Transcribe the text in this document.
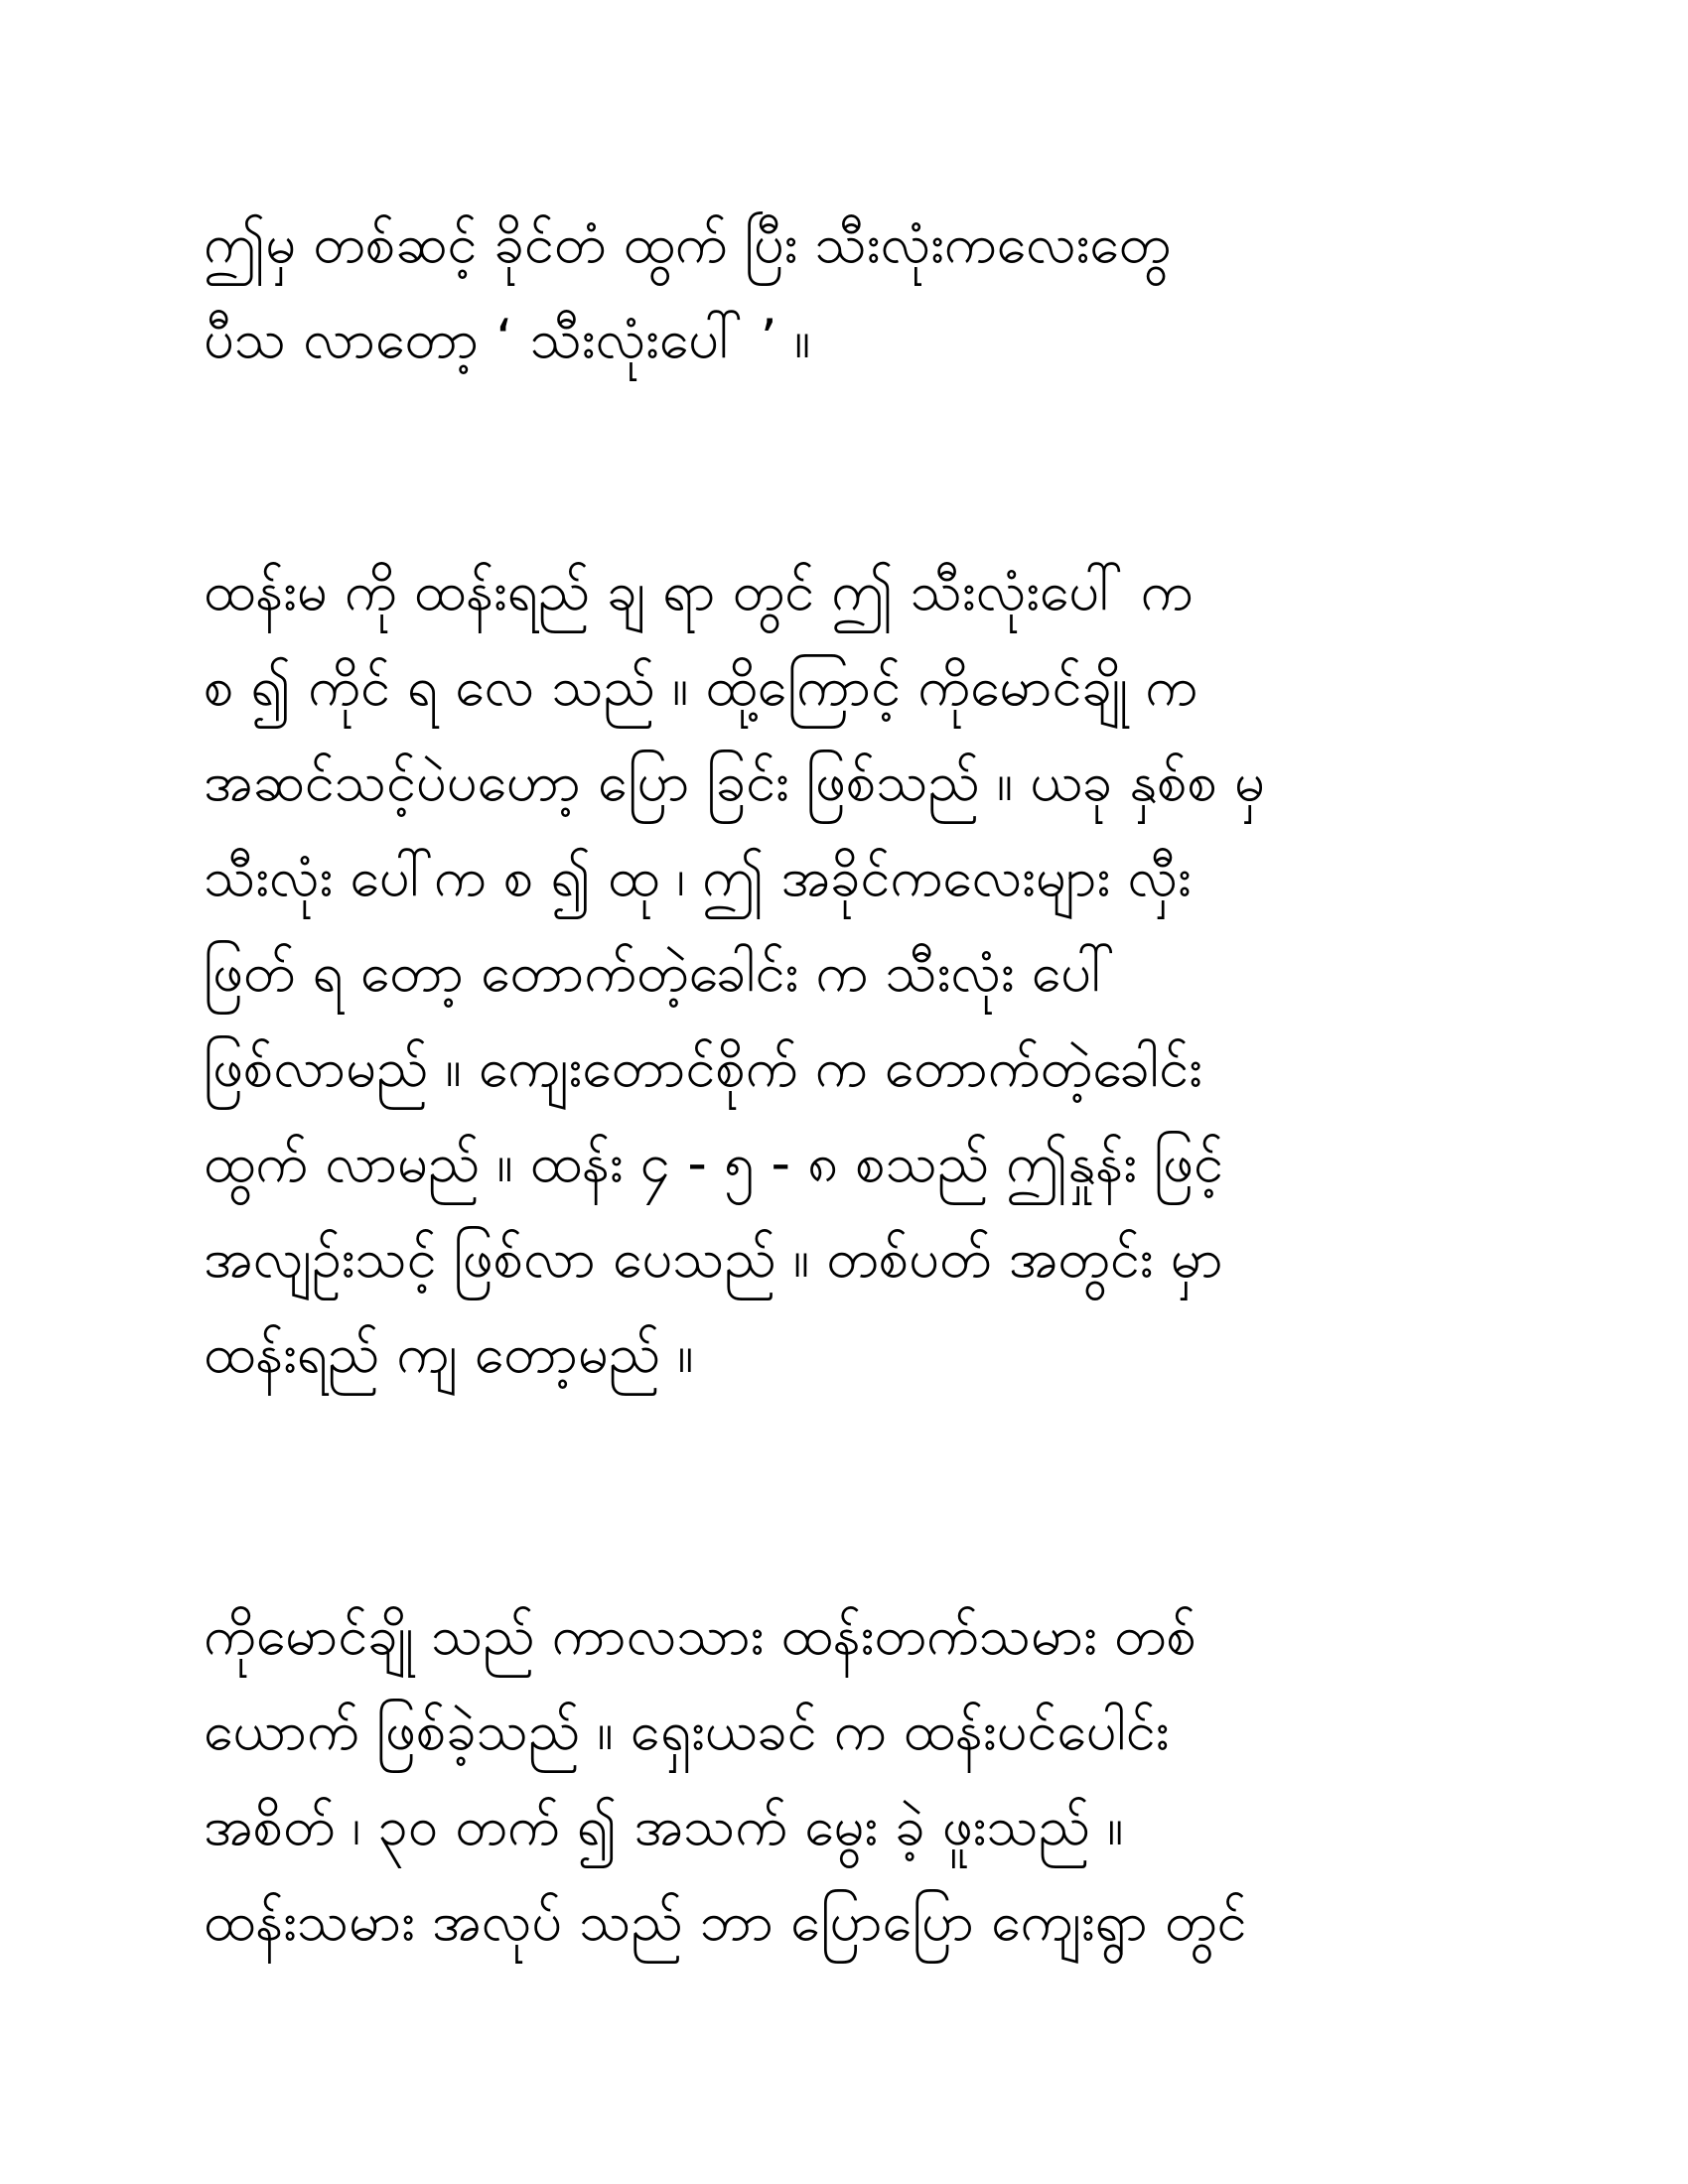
ဤမှ တစ်ဆင့် ခိုင်တံ ထွက် ပြီး သီးလုံးကလေးတွေ
ပီသ လာတော့ ‘ သီးလုံးပေါ် ’ ။
ထန်းမ ကို ထန်းရည် ချ ရာ တွင် ဤ သီးလုံးပေါ် က
စ ၍ ကိုင် ရ လေ သည် ။ ထို့ကြောင့် ကိုမောင်ချို က
အဆင်သင့်ပဲပဟော့ ပြော ခြင်း ဖြစ်သည် ။ ယခု နှစ်စ မှ
သီးလုံး ပေါ်က စ ၍ ထု ၊ ဤ အခိုင်ကလေးများ လှီး
ဖြတ် ရ တော့ တောက်တဲ့ခေါင်း က သီးလုံး ပေါ်
ဖြစ်လာမည် ။ ကျေးတောင်စိုက် က တောက်တဲ့ခေါင်း
ထွက် လာမည် ။ ထန်း ၄ - ၅ - ၈ စသည် ဤနှုန်း ဖြင့်
အလျဉ်းသင့် ဖြစ်လာ ပေသည် ။ တစ်ပတ် အတွင်း မှာ
ထန်းရည် ကျ တော့မည် ။
ကိုမောင်ချို သည် ကာလသား ထန်းတက်သမား တစ်
ယောက် ဖြစ်ခဲ့သည် ။ ရှေးယခင် က ထန်းပင်ပေါင်း
အစိတ် ၊ ၃၀ တက် ၍ အသက် မွေး ခဲ့ ဖူးသည် ။
ထန်းသမား အလုပ် သည် ဘာ ပြောပြော ကျေးရွာ တွင်
